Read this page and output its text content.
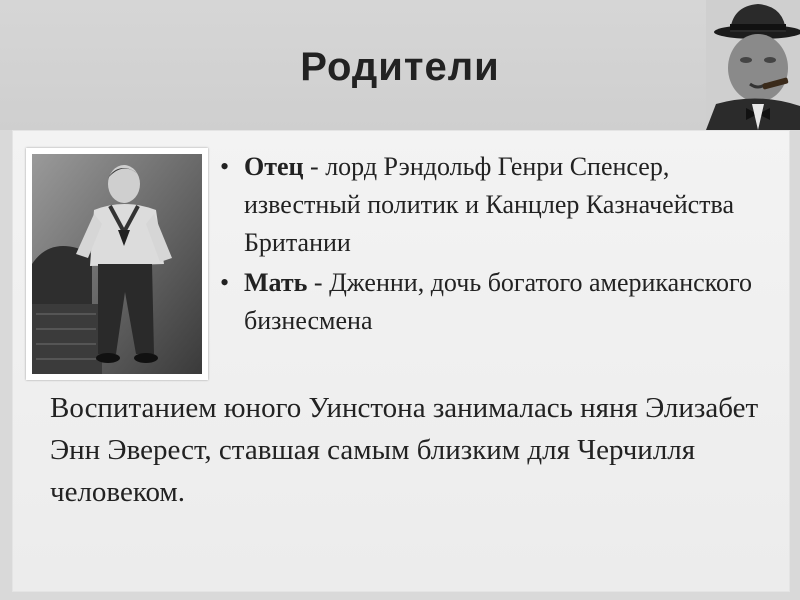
Родители
• Отец - лорд Рэндольф Генри Спенсер, известный политик и Канцлер Казначейства Британии
• Мать - Дженни, дочь богатого американского бизнесмена
Воспитанием юного Уинстона занималась няня Элизабет Энн Эверест, ставшая самым близким для Черчилля человеком.
